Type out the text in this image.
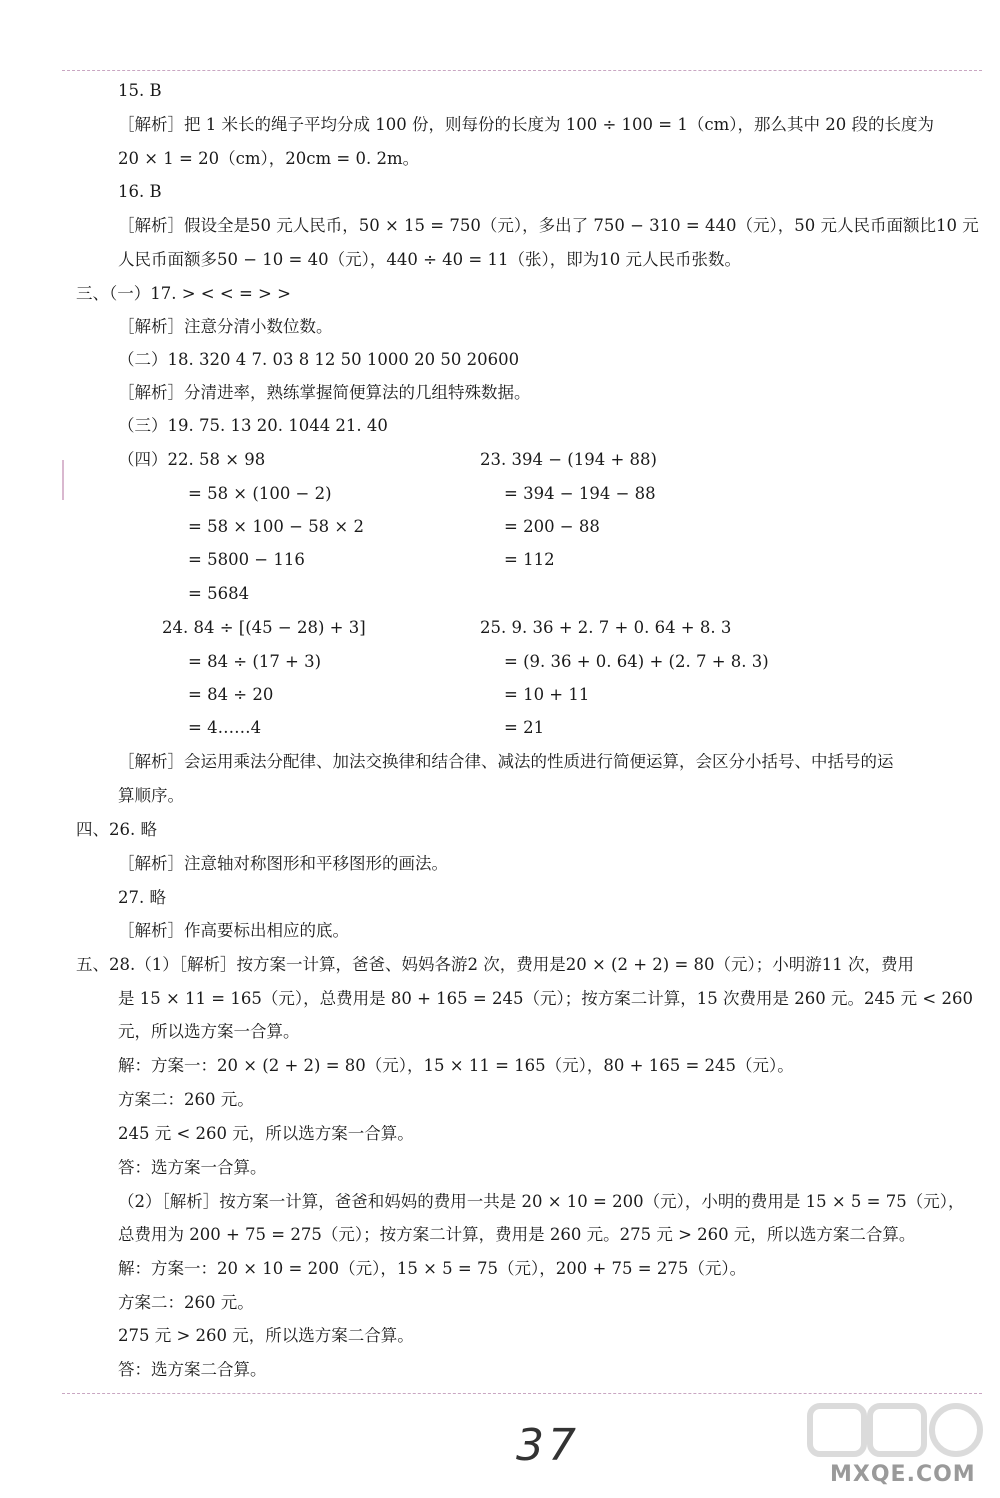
15. B
［解析］把 1 米长的绳子平均分成 100 份，则每份的长度为 100 ÷ 100 = 1（cm），那么其中 20 段的长度为
20 × 1 = 20（cm），20cm = 0. 2m。
16. B
［解析］假设全是50 元人民币，50 × 15 = 750（元），多出了 750 − 310 = 440（元），50 元人民币面额比10 元
人民币面额多50 − 10 = 40（元），440 ÷ 40 = 11（张），即为10 元人民币张数。
三、（一）17. > < < = > >
［解析］注意分清小数位数。
（二）18. 320 4 7. 03 8 12 50 1000 20 50 20600
［解析］分清进率，熟练掌握简便算法的几组特殊数据。
（三）19. 75. 13 20. 1044 21. 40
（四）22. 58 × 98	23. 394 − (194 + 88)
= 58 × (100 − 2)	= 394 − 194 − 88
= 58 × 100 − 58 × 2	= 200 − 88
= 5800 − 116	= 112
= 5684
24. 84 ÷ [(45 − 28) + 3]	25. 9. 36 + 2. 7 + 0. 64 + 8. 3
= 84 ÷ (17 + 3)	= (9. 36 + 0. 64) + (2. 7 + 8. 3)
= 84 ÷ 20	= 10 + 11
= 4……4	= 21
［解析］会运用乘法分配律、加法交换律和结合律、减法的性质进行简便运算，会区分小括号、中括号的运
算顺序。
四、26. 略
［解析］注意轴对称图形和平移图形的画法。
27. 略
［解析］作高要标出相应的底。
五、28.（1）［解析］按方案一计算，爸爸、妈妈各游2 次，费用是20 × (2 + 2) = 80（元）；小明游11 次，费用
是 15 × 11 = 165（元），总费用是 80 + 165 = 245（元）；按方案二计算，15 次费用是 260 元。245 元 < 260
元，所以选方案一合算。
解：方案一：20 × (2 + 2) = 80（元），15 × 11 = 165（元），80 + 165 = 245（元）。
方案二：260 元。
245 元 < 260 元，所以选方案一合算。
答：选方案一合算。
（2）［解析］按方案一计算，爸爸和妈妈的费用一共是 20 × 10 = 200（元），小明的费用是 15 × 5 = 75（元），
总费用为 200 + 75 = 275（元）；按方案二计算，费用是 260 元。275 元 > 260 元，所以选方案二合算。
解：方案一：20 × 10 = 200（元），15 × 5 = 75（元），200 + 75 = 275（元）。
方案二：260 元。
275 元 > 260 元，所以选方案二合算。
答：选方案二合算。
37
MXQE.COM
